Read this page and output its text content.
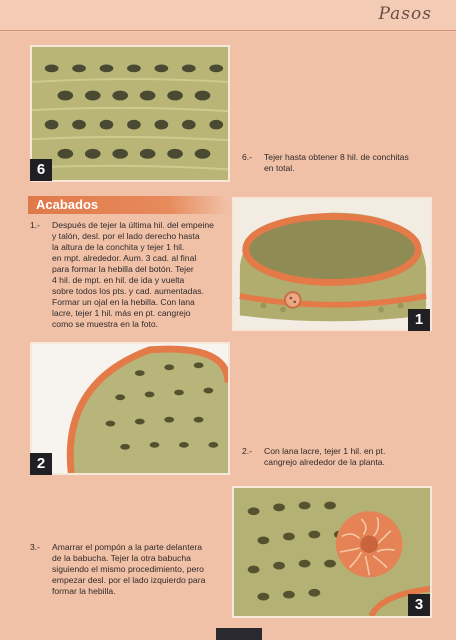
Pasos
6
6.- Tejer hasta obtener 8 hil. de conchitas
en total.
Acabados
1.- Después de tejer la última hil. del empeine
y talón, desl. por el lado derecho hasta
la altura de la conchita y tejer 1 hil.
en mpt. alrededor. Aum. 3 cad. al final
para formar la hebilla del botón. Tejer
4 hil. de mpt. en hil. de ida y vuelta
sobre todos los pts. y cad. aumentadas.
Formar un ojal en la hebilla. Con lana
lacre, tejer 1 hil. más en pt. cangrejo
como se muestra en la foto.	1
2
2.- Con lana lacre, tejer 1 hil. en pt.
cangrejo alrededor de la planta.
3
3.- Amarrar el pompón a la parte delantera
de la babucha. Tejer la otra babucha
siguiendo el mismo procedimiento, pero
empezar desl. por el lado izquierdo para
formar la hebilla.
